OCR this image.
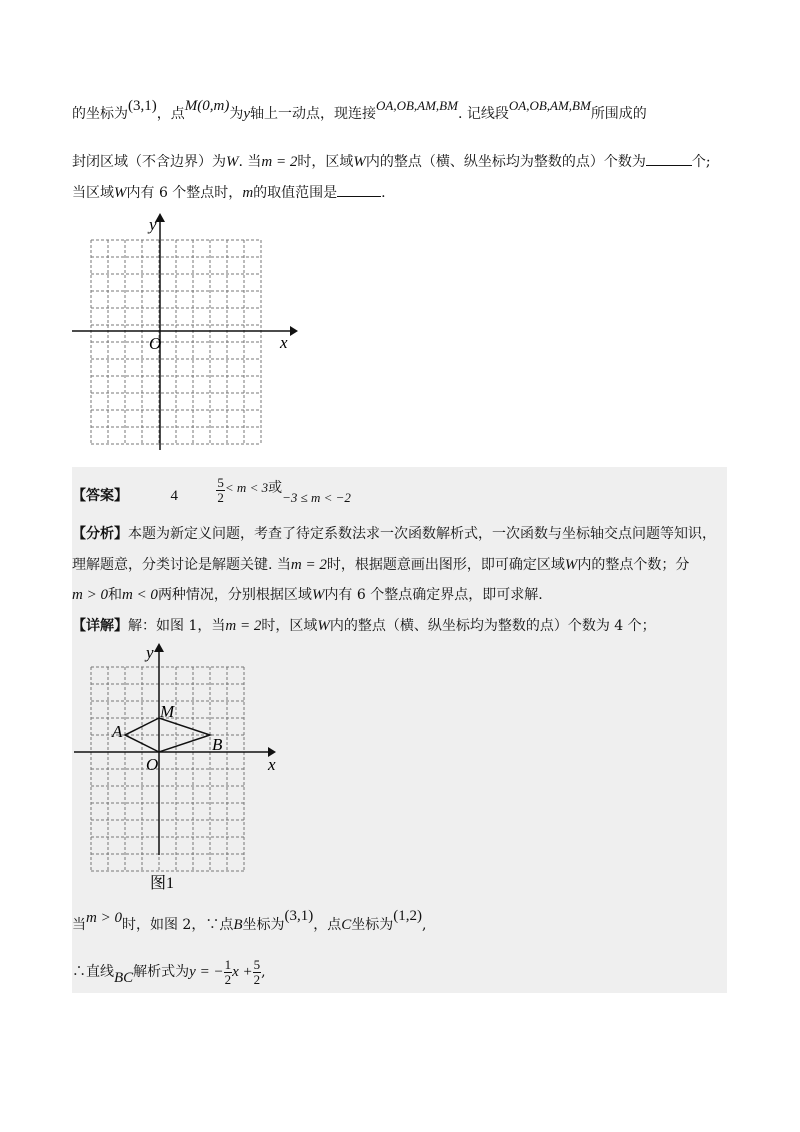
的坐标为(3,1)，点M(0,m)为y轴上一动点，现连接OA,OB,AM,BM. 记线段OA,OB,AM,BM所围成的
封闭区域（不含边界）为W. 当m = 2时，区域W内的整点（横、纵坐标均为整数的点）个数为	个;
当区域W内有 6 个整点时，m的取值范围是	.
y
x
O
【答案】	4	$\frac{5}{2} < m < 3$或−3 ≤ m < −2
【分析】本题为新定义问题，考查了待定系数法求一次函数解析式，一次函数与坐标轴交点问题等知识，
理解题意，分类讨论是解题关键. 当m = 2时，根据题意画出图形，即可确定区域W内的整点个数；分
m > 0和m < 0两种情况，分别根据区域W内有 6 个整点确定界点，即可求解.
【详解】解：如图 1，当m = 2时，区域W内的整点（横、纵坐标均为整数的点）个数为 4 个；
y
x
O
M
A
B
图1
当m > 0时，如图 2，∵点B坐标为(3,1)，点C坐标为(1,2),
∴直线BC解析式为y = − $\frac{1}{2}$ $x + \frac{5}{2}$ ,
